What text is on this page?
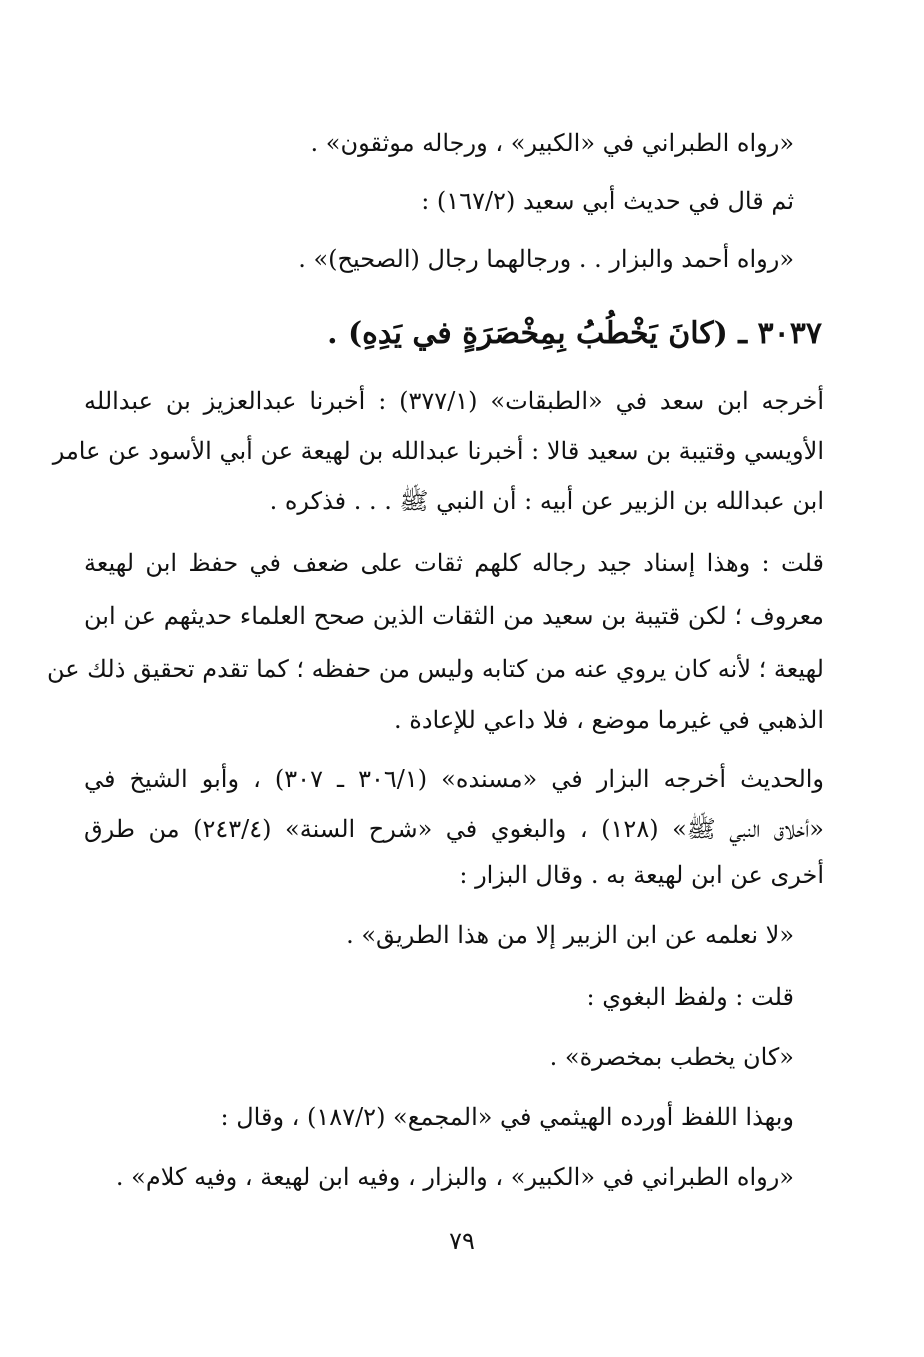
«رواه الطبراني في «الكبير» ، ورجاله موثقون» .
ثم قال في حديث أبي سعيد (١٦٧/٢) :
«رواه أحمد والبزار . . ورجالهما رجال (الصحيح)» .
٣٠٣٧ ـ (كانَ يَخْطُبُ بِمِخْصَرَةٍ في يَدِهِ) .
أخرجه ابن سعد في «الطبقات» (٣٧٧/١) : أخبرنا عبدالعزيز بن عبدالله
الأويسي وقتيبة بن سعيد قالا : أخبرنا عبدالله بن لهيعة عن أبي الأسود عن عامر
ابن عبدالله بن الزبير عن أبيه : أن النبي ﷺ . . . فذكره .
قلت : وهذا إسناد جيد رجاله كلهم ثقات على ضعف في حفظ ابن لهيعة
معروف ؛ لكن قتيبة بن سعيد من الثقات الذين صحح العلماء حديثهم عن ابن
لهيعة ؛ لأنه كان يروي عنه من كتابه وليس من حفظه ؛ كما تقدم تحقيق ذلك عن
الذهبي في غيرما موضع ، فلا داعي للإعادة .
والحديث أخرجه البزار في «مسنده» (٣٠٦/١ ـ ٣٠٧) ، وأبو الشيخ في
«أخلاق النبي ﷺ» (١٢٨) ، والبغوي في «شرح السنة» (٢٤٣/٤) من طرق
أخرى عن ابن لهيعة به . وقال البزار :
«لا نعلمه عن ابن الزبير إلا من هذا الطريق» .
قلت : ولفظ البغوي :
«كان يخطب بمخصرة» .
وبهذا اللفظ أورده الهيثمي في «المجمع» (١٨٧/٢) ، وقال :
«رواه الطبراني في «الكبير» ، والبزار ، وفيه ابن لهيعة ، وفيه كلام» .
٧٩
